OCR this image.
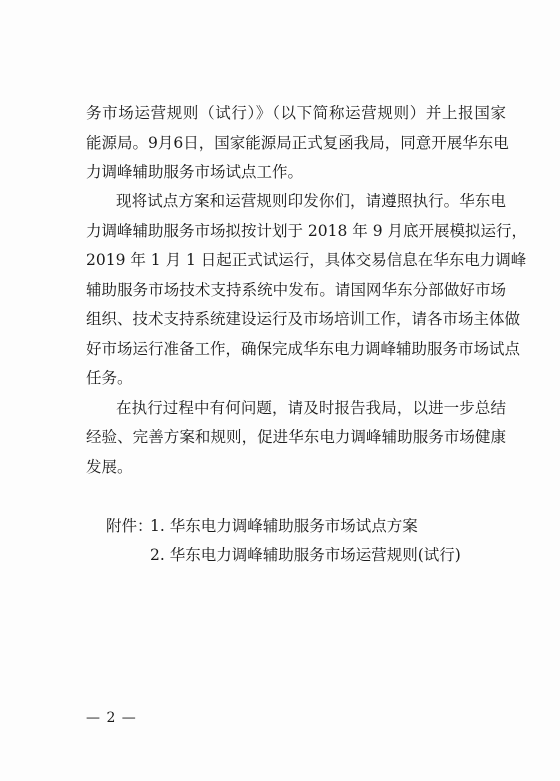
务市场运营规则（试行）》（以下简称运营规则）并上报国家
能源局。9月6日，国家能源局正式复函我局，同意开展华东电
力调峰辅助服务市场试点工作。
现将试点方案和运营规则印发你们，请遵照执行。华东电
力调峰辅助服务市场拟按计划于 2018 年 9 月底开展模拟运行，
2019 年 1 月 1 日起正式试运行，具体交易信息在华东电力调峰
辅助服务市场技术支持系统中发布。请国网华东分部做好市场
组织、技术支持系统建设运行及市场培训工作，请各市场主体做
好市场运行准备工作，确保完成华东电力调峰辅助服务市场试点
任务。
在执行过程中有何问题，请及时报告我局，以进一步总结
经验、完善方案和规则，促进华东电力调峰辅助服务市场健康
发展。
附件：
1. 华东电力调峰辅助服务市场试点方案
2. 华东电力调峰辅助服务市场运营规则(试行)
— 2 —
